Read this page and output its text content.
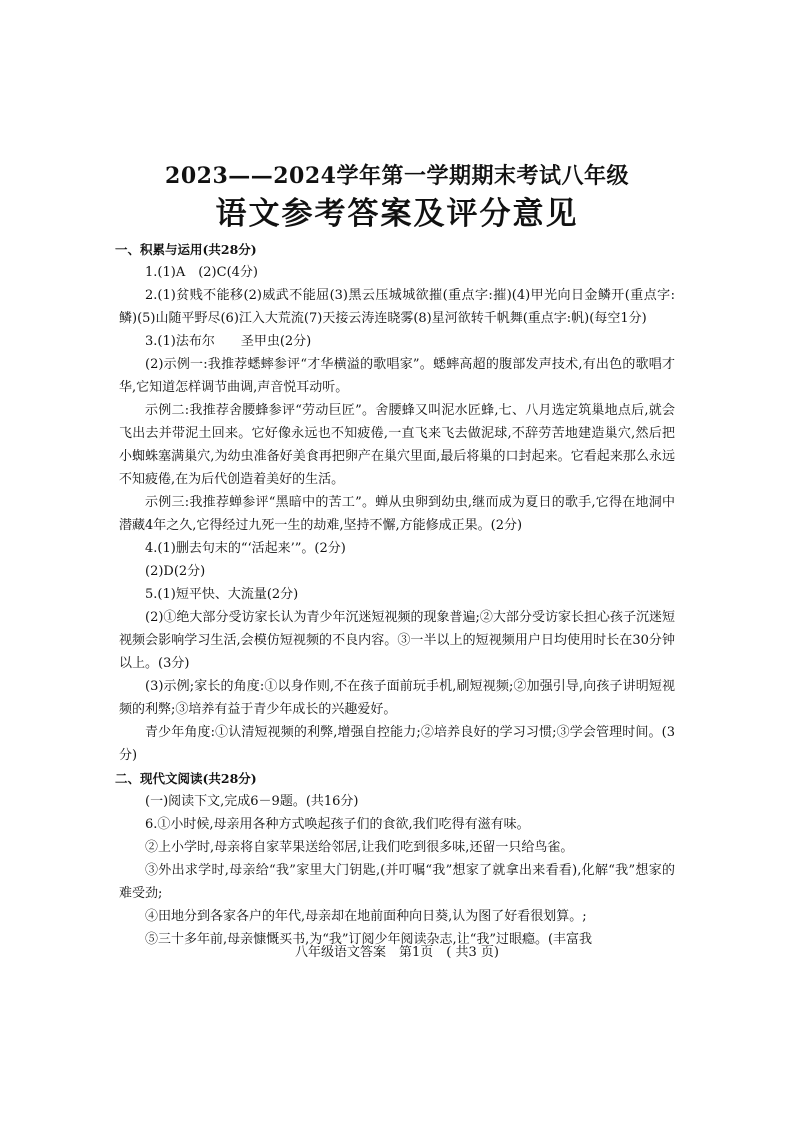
2023——2024学年第一学期期末考试八年级
语文参考答案及评分意见
一、积累与运用(共28分)
1.(1)A　(2)C(4分)
2.(1)贫贱不能移(2)威武不能屈(3)黑云压城城欲摧(重点字:摧)(4)甲光向日金鳞开(重点字:鳞)(5)山随平野尽(6)江入大荒流(7)天接云涛连晓雾(8)星河欲转千帆舞(重点字:帆)(每空1分)
3.(1)法布尔　　圣甲虫(2分)
(2)示例一:我推荐蟋蟀参评“才华横溢的歌唱家”。蟋蟀高超的腹部发声技术,有出色的歌唱才华,它知道怎样调节曲调,声音悦耳动听。
示例二:我推荐舍腰蜂参评“劳动巨匠”。舍腰蜂又叫泥水匠蜂,七、八月选定筑巢地点后,就会飞出去并带泥土回来。它好像永远也不知疲倦,一直飞来飞去做泥球,不辞劳苦地建造巢穴,然后把小蜘蛛塞满巢穴,为幼虫准备好美食再把卵产在巢穴里面,最后将巢的口封起来。它看起来那么永远不知疲倦,在为后代创造着美好的生活。
示例三:我推荐蝉参评“黑暗中的苦工”。蝉从虫卵到幼虫,继而成为夏日的歌手,它得在地洞中潜藏4年之久,它得经过九死一生的劫难,坚持不懈,方能修成正果。(2分)
4.(1)删去句末的“‘活起来’”。(2分)
(2)D(2分)
5.(1)短平快、大流量(2分)
(2)①绝大部分受访家长认为青少年沉迷短视频的现象普遍;②大部分受访家长担心孩子沉迷短视频会影响学习生活,会模仿短视频的不良内容。③一半以上的短视频用户日均使用时长在30分钟以上。(3分)
(3)示例;家长的角度:①以身作则,不在孩子面前玩手机,刷短视频;②加强引导,向孩子讲明短视频的利弊;③培养有益于青少年成长的兴趣爱好。
青少年角度:①认清短视频的利弊,增强自控能力;②培养良好的学习习惯;③学会管理时间。(3分)
二、现代文阅读(共28分)
(一)阅读下文,完成6－9题。(共16分)
6.①小时候,母亲用各种方式唤起孩子们的食欲,我们吃得有滋有味。
②上小学时,母亲将自家苹果送给邻居,让我们吃到很多味,还留一只给鸟雀。
③外出求学时,母亲给“我”家里大门钥匙,(并叮嘱“我”想家了就拿出来看看),化解“我”想家的难受劲;
④田地分到各家各户的年代,母亲却在地前面种向日葵,认为图了好看很划算。;
⑤三十多年前,母亲慷慨买书,为“我”订阅少年阅读杂志,让“我”过眼瘾。(丰富我
八年级语文答案　第1页　( 共3 页)
